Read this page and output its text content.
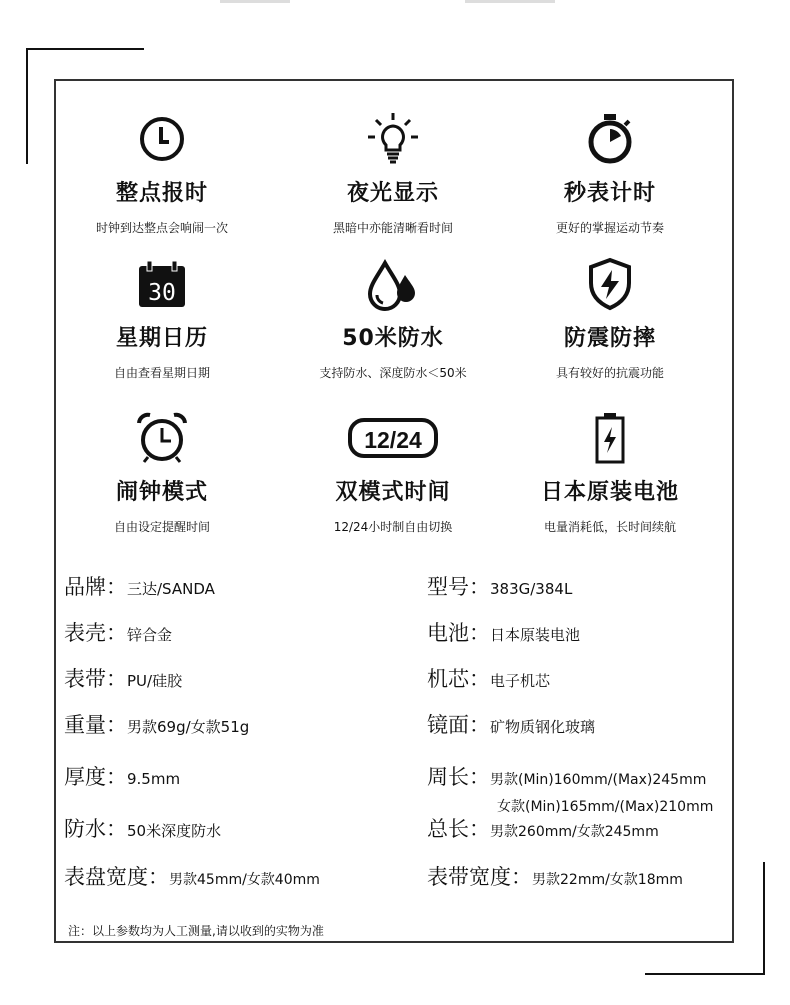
整点报时
时钟到达整点会响闹一次
夜光显示
黑暗中亦能清晰看时间
秒表计时
更好的掌握运动节奏
30
星期日历
自由查看星期日期
50米防水
支持防水、深度防水＜50米
防震防摔
具有较好的抗震功能
闹钟模式
自由设定提醒时间
12/24
双模式时间
12/24小时制自由切换
日本原装电池
电量消耗低，长时间续航
品牌： 三达/SANDA	型号： 383G/384L
表壳： 锌合金	电池： 日本原装电池
表带： PU/硅胶	机芯： 电子机芯
重量： 男款69g/女款51g	镜面： 矿物质钢化玻璃
厚度： 9.5mm	周长： 男款(Min)160mm/(Max)245mm
女款(Min)165mm/(Max)210mm
防水： 50米深度防水	总长： 男款260mm/女款245mm
表盘宽度： 男款45mm/女款40mm	表带宽度： 男款22mm/女款18mm
注：以上参数均为人工测量,请以收到的实物为准
